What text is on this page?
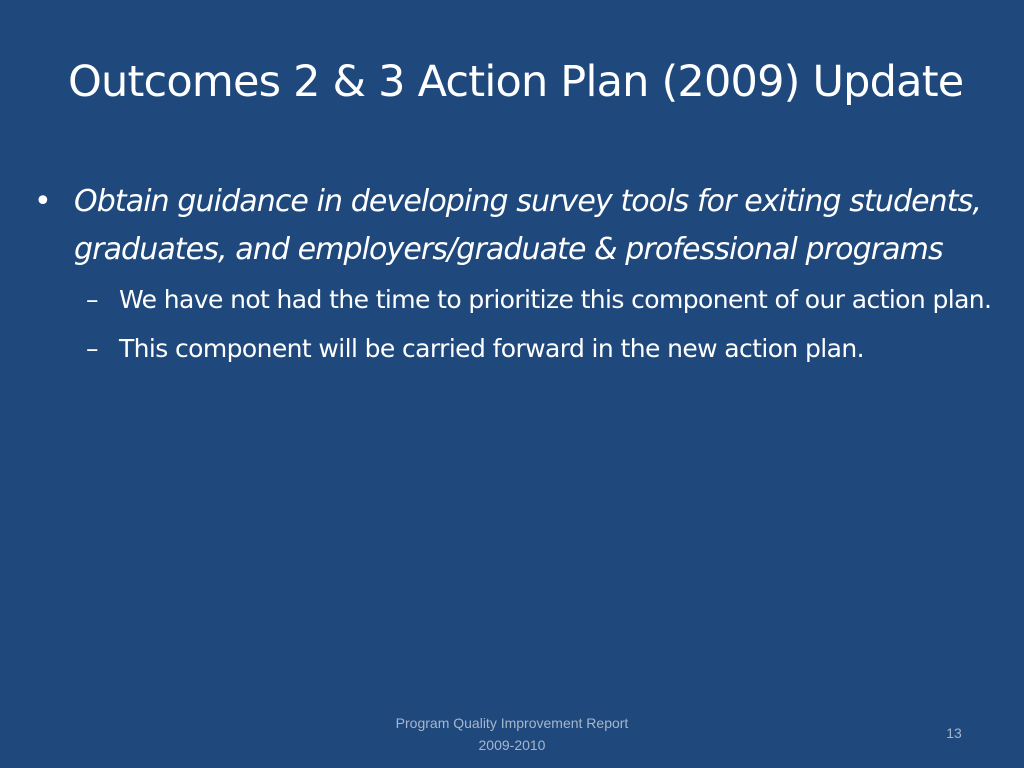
Outcomes 2 & 3 Action Plan (2009) Update
• Obtain guidance in developing survey tools for exiting students, graduates, and employers/graduate & professional programs
– We have not had the time to prioritize this component of our action plan.
– This component will be carried forward in the new action plan.
Program Quality Improvement Report
2009-2010
13
